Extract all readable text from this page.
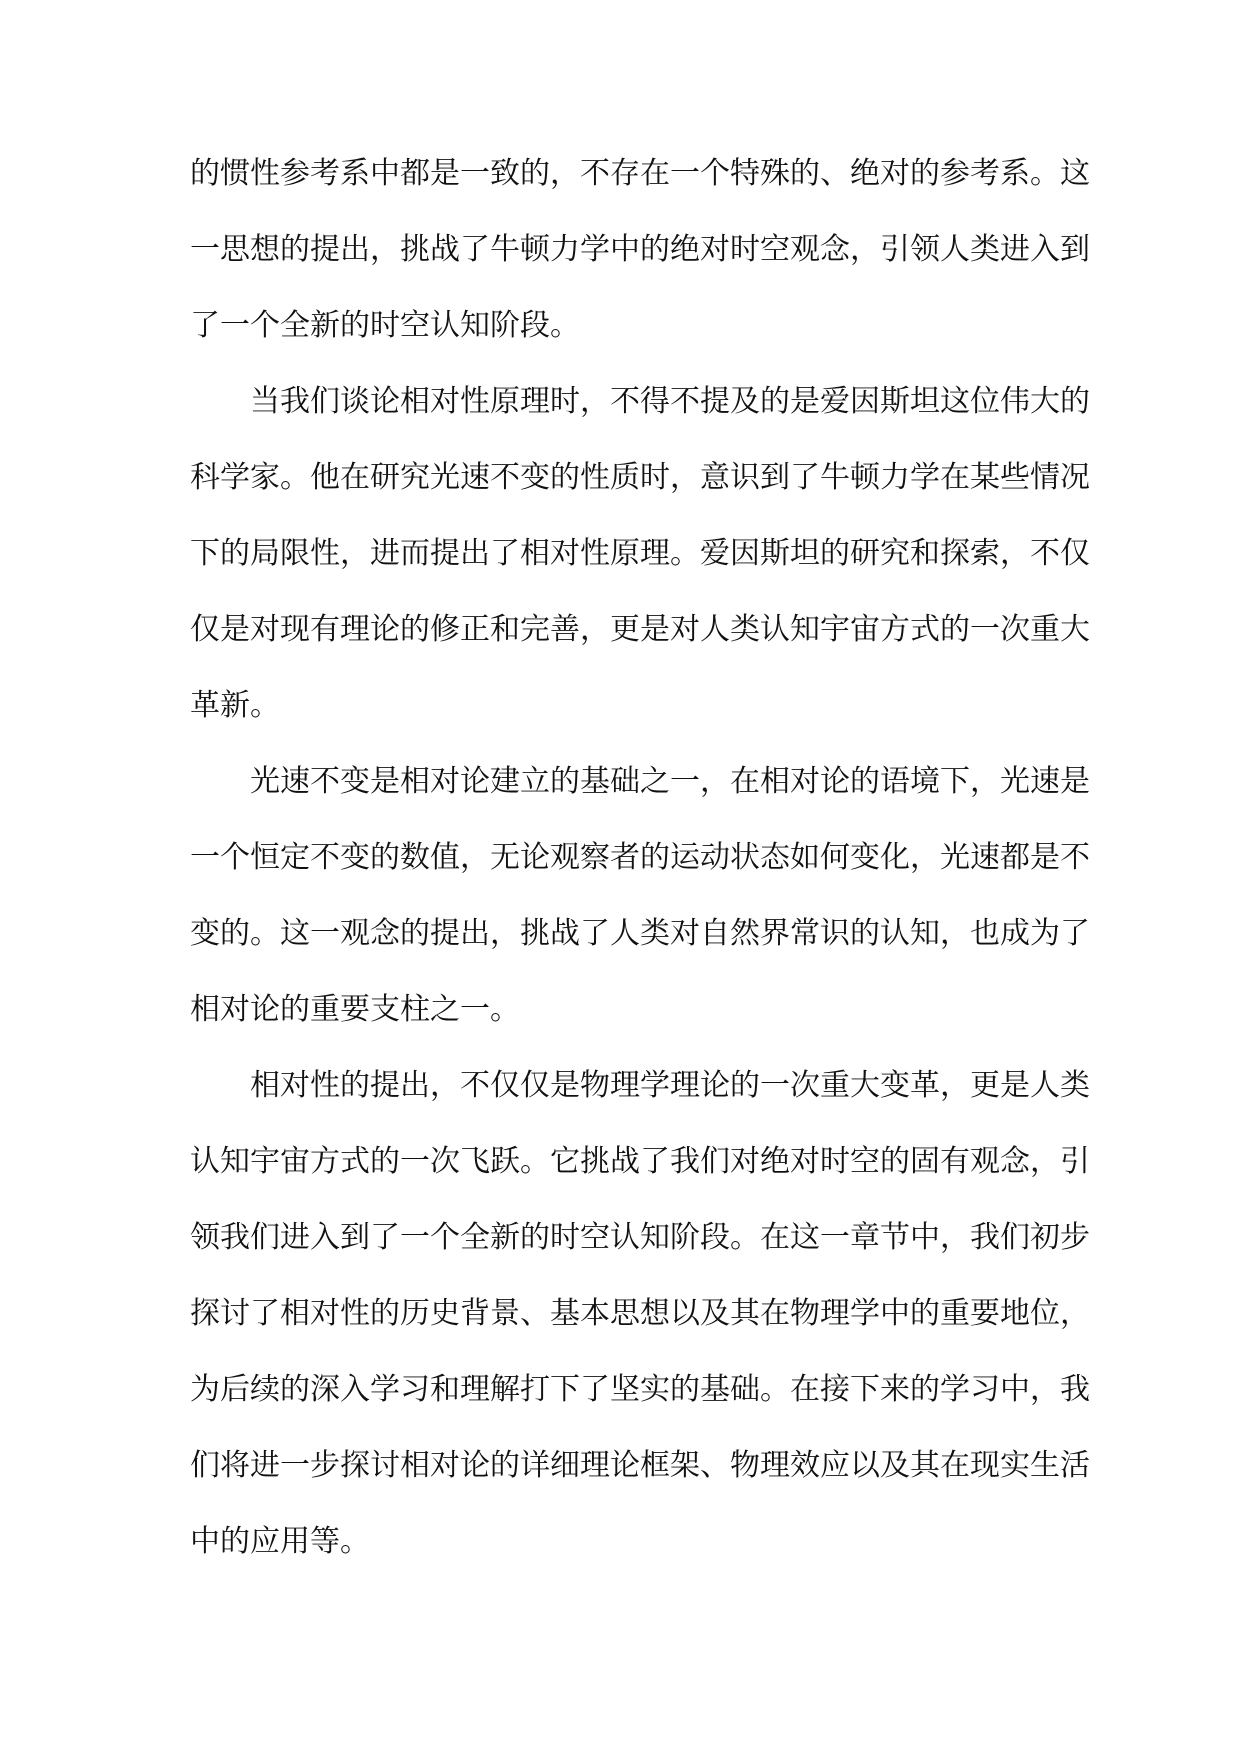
的惯性参考系中都是一致的，不存在一个特殊的、绝对的参考系。这
一思想的提出，挑战了牛顿力学中的绝对时空观念，引领人类进入到
了一个全新的时空认知阶段。
当我们谈论相对性原理时，不得不提及的是爱因斯坦这位伟大的
科学家。他在研究光速不变的性质时，意识到了牛顿力学在某些情况
下的局限性，进而提出了相对性原理。爱因斯坦的研究和探索，不仅
仅是对现有理论的修正和完善，更是对人类认知宇宙方式的一次重大
革新。
光速不变是相对论建立的基础之一，在相对论的语境下，光速是
一个恒定不变的数值，无论观察者的运动状态如何变化，光速都是不
变的。这一观念的提出，挑战了人类对自然界常识的认知，也成为了
相对论的重要支柱之一。
相对性的提出，不仅仅是物理学理论的一次重大变革，更是人类
认知宇宙方式的一次飞跃。它挑战了我们对绝对时空的固有观念，引
领我们进入到了一个全新的时空认知阶段。在这一章节中，我们初步
探讨了相对性的历史背景、基本思想以及其在物理学中的重要地位，
为后续的深入学习和理解打下了坚实的基础。在接下来的学习中，我
们将进一步探讨相对论的详细理论框架、物理效应以及其在现实生活
中的应用等。
